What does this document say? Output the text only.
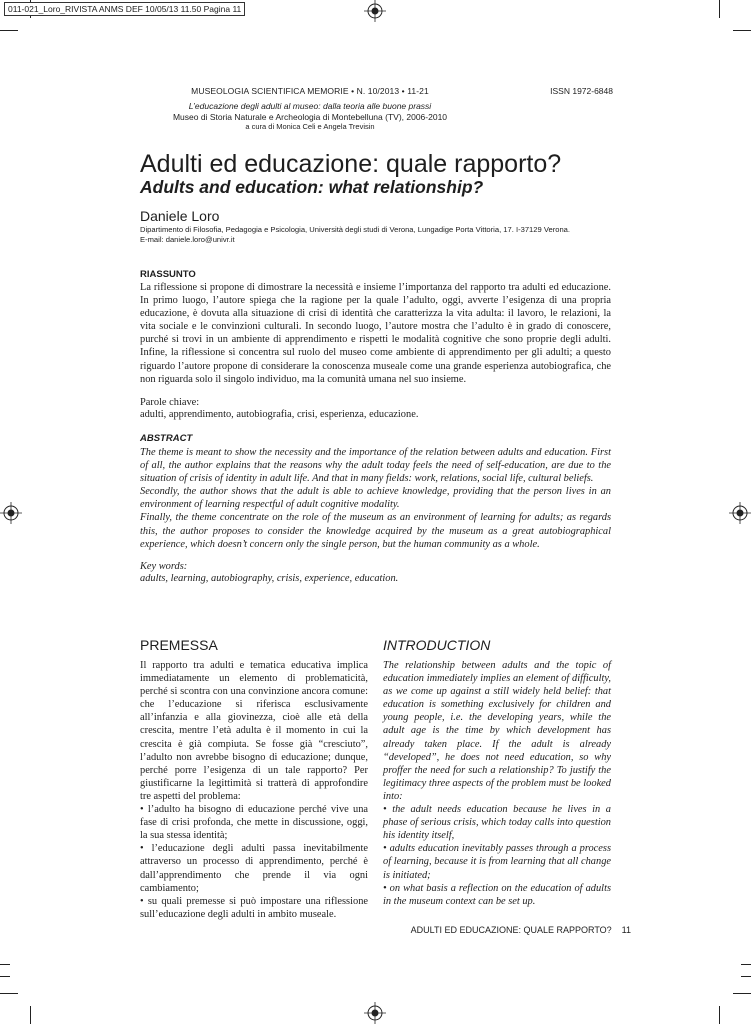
011-021_Loro_RIVISTA ANMS DEF 10/05/13 11.50 Pagina 11
MUSEOLOGIA SCIENTIFICA MEMORIE • N. 10/2013 • 11-21	ISSN 1972-6848
L’educazione degli adulti al museo: dalla teoria alle buone prassi
Museo di Storia Naturale e Archeologia di Montebelluna (TV), 2006-2010
a cura di Monica Celi e Angela Trevisin
Adulti ed educazione: quale rapporto?
Adults and education: what relationship?
Daniele Loro
Dipartimento di Filosofia, Pedagogia e Psicologia, Università degli studi di Verona, Lungadige Porta Vittoria, 17. I-37129 Verona.
E-mail: daniele.loro@univr.it
RIASSUNTO

La riflessione si propone di dimostrare la necessità e insieme l’importanza del rapporto tra adulti ed educazione. In primo luogo, l’autore spiega che la ragione per la quale l’adulto, oggi, avverte l’esigenza di una propria educazione, è dovuta alla situazione di crisi di identità che caratterizza la vita adulta: il lavoro, le relazioni, la vita sociale e le convinzioni culturali. In secondo luogo, l’autore mostra che l’adulto è in grado di conoscere, purché si trovi in un ambiente di apprendimento e rispetti le modalità cognitive che sono proprie degli adulti. Infine, la riflessione si concentra sul ruolo del museo come ambiente di apprendimento per gli adulti; a questo riguardo l’autore propone di considerare la conoscenza museale come una grande esperienza autobiografica, che non riguarda solo il singolo individuo, ma la comunità umana nel suo insieme.

Parole chiave:
adulti, apprendimento, autobiografia, crisi, esperienza, educazione.
ABSTRACT

The theme is meant to show the necessity and the importance of the relation between adults and education. First of all, the author explains that the reasons why the adult today feels the need of self-education, are due to the situation of crisis of identity in adult life. And that in many fields: work, relations, social life, cultural beliefs.

Secondly, the author shows that the adult is able to achieve knowledge, providing that the person lives in an environment of learning respectful of adult cognitive modality.

Finally, the theme concentrate on the role of the museum as an environment of learning for adults; as regards this, the author proposes to consider the knowledge acquired by the museum as a great autobiographical experience, which doesn’t concern only the single person, but the human community as a whole.

Key words:
adults, learning, autobiography, crisis, experience, education.
PREMESSA

Il rapporto tra adulti e tematica educativa implica immediatamente un elemento di problematicità, perché si scontra con una convinzione ancora comune: che l’educazione si riferisca esclusivamente all’infanzia e alla giovinezza, cioè alle età della crescita, mentre l’età adulta è il momento in cui la crescita è già compiuta. Se fosse già “cresciuto”, l’adulto non avrebbe bisogno di educazione; dunque, perché porre l’esigenza di un tale rapporto? Per giustificarne la legittimità si tratterà di approfondire tre aspetti del problema:

• l’adulto ha bisogno di educazione perché vive una fase di crisi profonda, che mette in discussione, oggi, la sua stessa identità;

• l’educazione degli adulti passa inevitabilmente attraverso un processo di apprendimento, perché è dall’apprendimento che prende il via ogni cambiamento;

• su quali premesse si può impostare una riflessione sull’educazione degli adulti in ambito museale.

INTRODUCTION

The relationship between adults and the topic of education immediately implies an element of difficulty, as we come up against a still widely held belief: that education is something exclusively for children and young people, i.e. the developing years, while the adult age is the time by which development has already taken place. If the adult is already “developed”, he does not need education, so why proffer the need for such a relationship? To justify the legitimacy three aspects of the problem must be looked into:

• the adult needs education because he lives in a phase of serious crisis, which today calls into question his identity itself,

• adults education inevitably passes through a process of learning, because it is from learning that all change is initiated;

• on what basis a reflection on the education of adults in the museum context can be set up.

ADULTI ED EDUCAZIONE: QUALE RAPPORTO? 11
